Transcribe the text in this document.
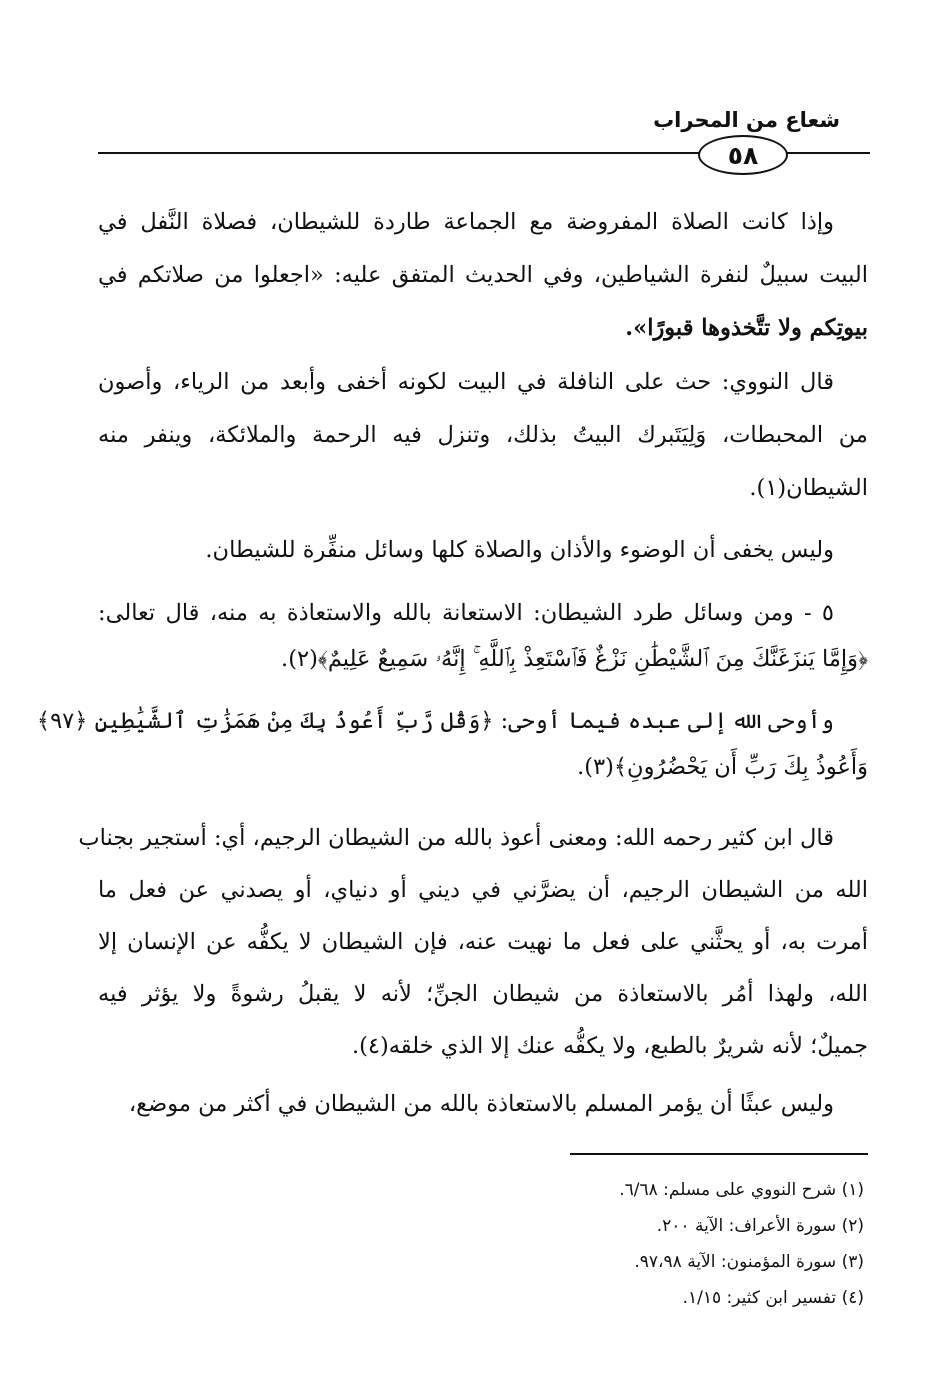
شعاع من المحراب
٥٨
وإذا كانت الصلاة المفروضة مع الجماعة طاردة للشيطان، فصلاة النَّفل في
البيت سبيلٌ لنفرة الشياطين، وفي الحديث المتفق عليه: «اجعلوا من صلاتكم في
بيوتِكم ولا تتَّخذوها قبورًا».
قال النووي: حث على النافلة في البيت لكونه أخفى وأبعد من الرياء، وأصون
من المحبطات، وَلِيَتَبرك البيتُ بذلك، وتنزل فيه الرحمة والملائكة، وينفر منه
الشيطان(١).
وليس يخفى أن الوضوء والأذان والصلاة كلها وسائل منفِّرة للشيطان.
٥ - ومن وسائل طرد الشيطان: الاستعانة بالله والاستعاذة به منه، قال تعالى:
﴿وَإِمَّا يَنزَغَنَّكَ مِنَ ٱلشَّيْطَٰنِ نَزْغٌ فَٱسْتَعِذْ بِٱللَّهِ ۚ إِنَّهُۥ سَمِيعٌ عَلِيمٌ﴾(٢).
وأوحى الله إلى عبده فيما أوحى: ﴿وَقُل رَّبِّ أَعُوذُ بِكَ مِنْ هَمَزَٰتِ ٱلشَّيَٰطِينِ ﴿٩٧﴾
وَأَعُوذُ بِكَ رَبِّ أَن يَحْضُرُونِ﴾(٣).
قال ابن كثير رحمه الله: ومعنى أعوذ بالله من الشيطان الرجيم، أي: أستجير بجناب
الله من الشيطان الرجيم، أن يضرَّني في ديني أو دنياي، أو يصدني عن فعل ما
أمرت به، أو يحثَّني على فعل ما نهيت عنه، فإن الشيطان لا يكفُّه عن الإنسان إلا
الله، ولهذا أمُر بالاستعاذة من شيطان الجنِّ؛ لأنه لا يقبلُ رشوةً ولا يؤثر فيه
جميلٌ؛ لأنه شريرٌ بالطبع، ولا يكفُّه عنك إلا الذي خلقه(٤).
وليس عبثًا أن يؤمر المسلم بالاستعاذة بالله من الشيطان في أكثر من موضع،
(١) شرح النووي على مسلم: ٦/٦٨.
(٢) سورة الأعراف: الآية ٢٠٠.
(٣) سورة المؤمنون: الآية ٩٧،٩٨.
(٤) تفسير ابن كثير: ١/١٥.
